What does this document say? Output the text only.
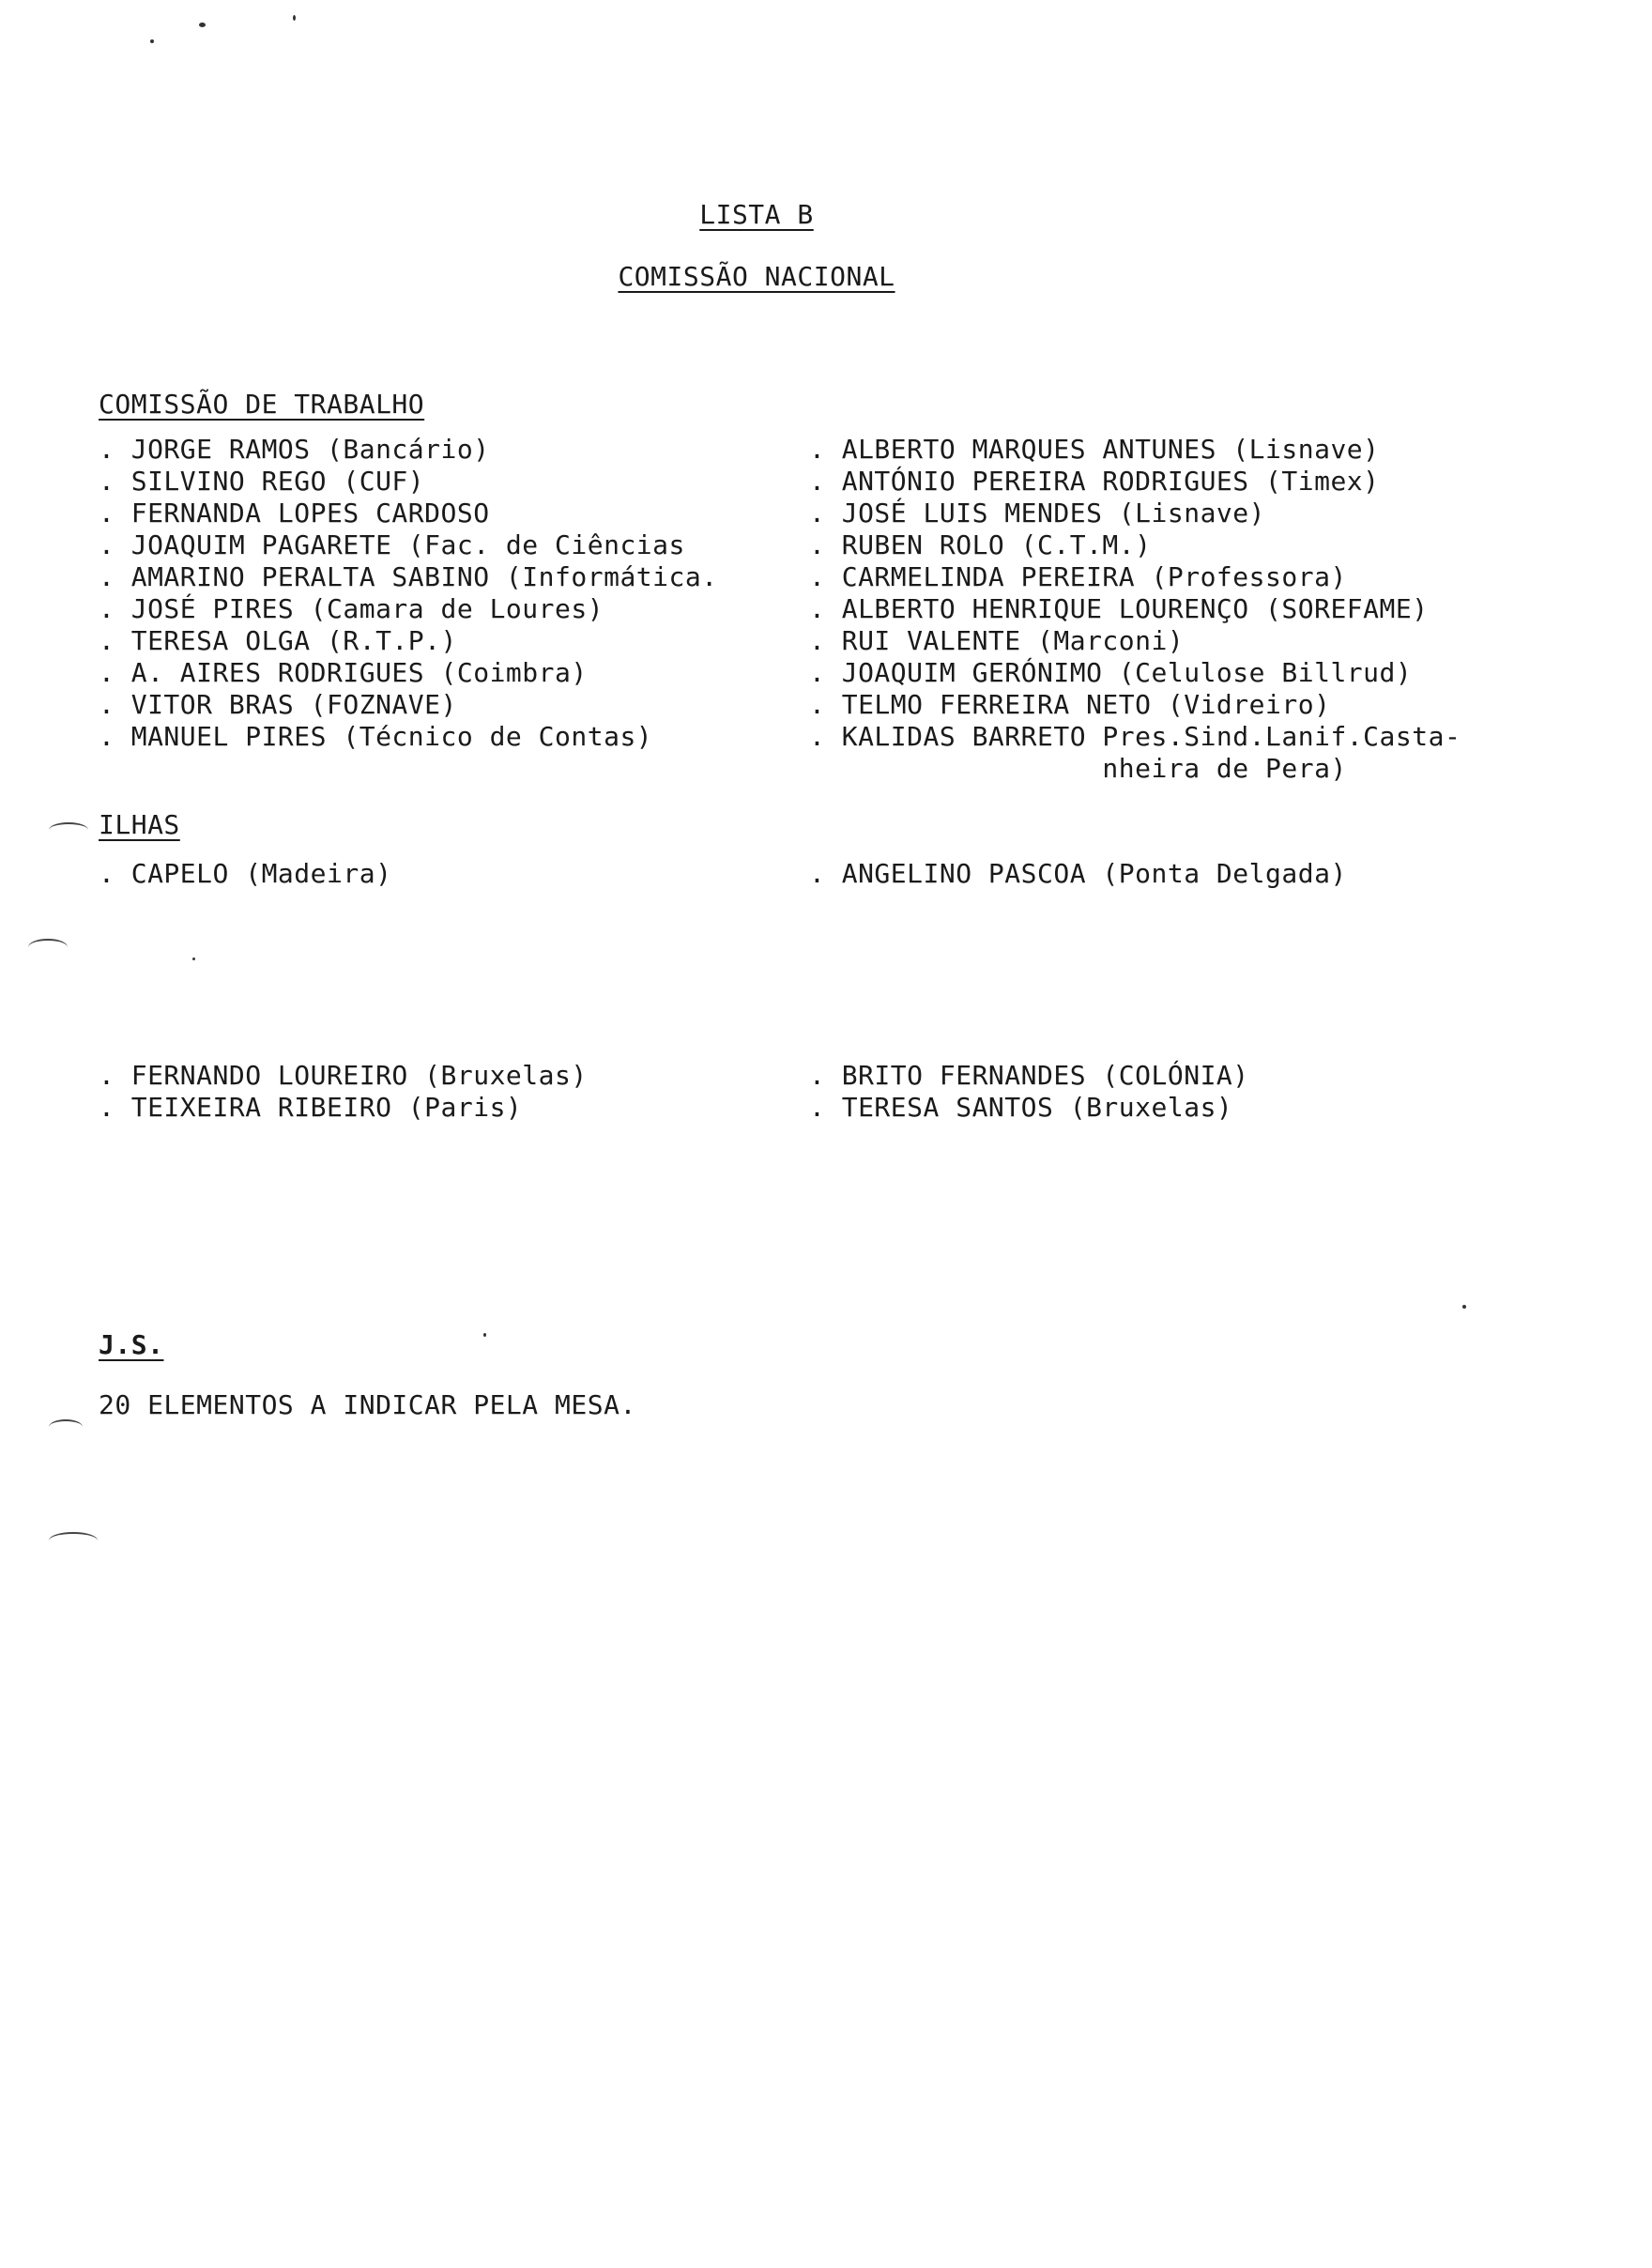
LISTA B
COMISSÃO NACIONAL
COMISSÃO DE TRABALHO
. JORGE RAMOS (Bancário)
. SILVINO REGO (CUF)
. FERNANDA LOPES CARDOSO
. JOAQUIM PAGARETE (Fac. de Ciências
. AMARINO PERALTA SABINO (Informática.
. JOSÉ PIRES (Camara de Loures)
. TERESA OLGA (R.T.P.)
. A. AIRES RODRIGUES (Coimbra)
. VITOR BRAS (FOZNAVE)
. MANUEL PIRES (Técnico de Contas)
. ALBERTO MARQUES ANTUNES (Lisnave)
. ANTÓNIO PEREIRA RODRIGUES (Timex)
. JOSÉ LUIS MENDES (Lisnave)
. RUBEN ROLO (C.T.M.)
. CARMELINDA PEREIRA (Professora)
. ALBERTO HENRIQUE LOURENÇO (SOREFAME)
. RUI VALENTE (Marconi)
. JOAQUIM GERÓNIMO (Celulose Billrud)
. TELMO FERREIRA NETO (Vidreiro)
. KALIDAS BARRETO Pres.Sind.Lanif.Casta-
nheira de Pera)
ILHAS
. CAPELO (Madeira)	. ANGELINO PASCOA (Ponta Delgada)
. FERNANDO LOUREIRO (Bruxelas)
. TEIXEIRA RIBEIRO (Paris)
. BRITO FERNANDES (COLÓNIA)
. TERESA SANTOS (Bruxelas)
J.S.
20 ELEMENTOS A INDICAR PELA MESA.
